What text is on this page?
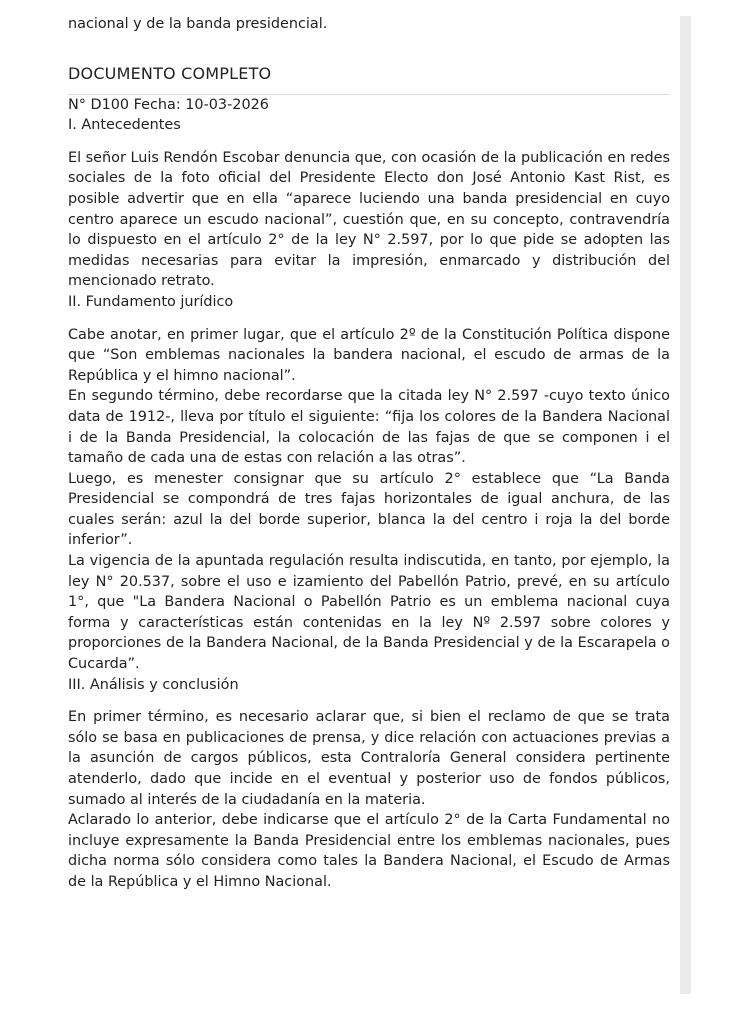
nacional y de la banda presidencial.

DOCUMENTO COMPLETO

N° D100 Fecha: 10-03-2026

I. Antecedentes

El señor Luis Rendón Escobar denuncia que, con ocasión de la publicación en redes sociales de la foto oficial del Presidente Electo don José Antonio Kast Rist, es posible advertir que en ella “aparece luciendo una banda presidencial en cuyo centro aparece un escudo nacional”, cuestión que, en su concepto, contravendría lo dispuesto en el artículo 2° de la ley N° 2.597, por lo que pide se adopten las medidas necesarias para evitar la impresión, enmarcado y distribución del mencionado retrato.

II. Fundamento jurídico

Cabe anotar, en primer lugar, que el artículo 2º de la Constitución Política dispone que “Son emblemas nacionales la bandera nacional, el escudo de armas de la República y el himno nacional”.

En segundo término, debe recordarse que la citada ley N° 2.597 -cuyo texto único data de 1912-, lleva por título el siguiente: “fija los colores de la Bandera Nacional i de la Banda Presidencial, la colocación de las fajas de que se componen i el tamaño de cada una de estas con relación a las otras”.

Luego, es menester consignar que su artículo 2° establece que “La Banda Presidencial se compondrá de tres fajas horizontales de igual anchura, de las cuales serán: azul la del borde superior, blanca la del centro i roja la del borde inferior”.

La vigencia de la apuntada regulación resulta indiscutida, en tanto, por ejemplo, la ley N° 20.537, sobre el uso e izamiento del Pabellón Patrio, prevé, en su artículo 1°, que "La Bandera Nacional o Pabellón Patrio es un emblema nacional cuya forma y características están contenidas en la ley Nº 2.597 sobre colores y proporciones de la Bandera Nacional, de la Banda Presidencial y de la Escarapela o Cucarda”.

III. Análisis y conclusión

En primer término, es necesario aclarar que, si bien el reclamo de que se trata sólo se basa en publicaciones de prensa, y dice relación con actuaciones previas a la asunción de cargos públicos, esta Contraloría General considera pertinente atenderlo, dado que incide en el eventual y posterior uso de fondos públicos, sumado al interés de la ciudadanía en la materia.

Aclarado lo anterior, debe indicarse que el artículo 2° de la Carta Fundamental no incluye expresamente la Banda Presidencial entre los emblemas nacionales, pues dicha norma sólo considera como tales la Bandera Nacional, el Escudo de Armas de la República y el Himno Nacional.
